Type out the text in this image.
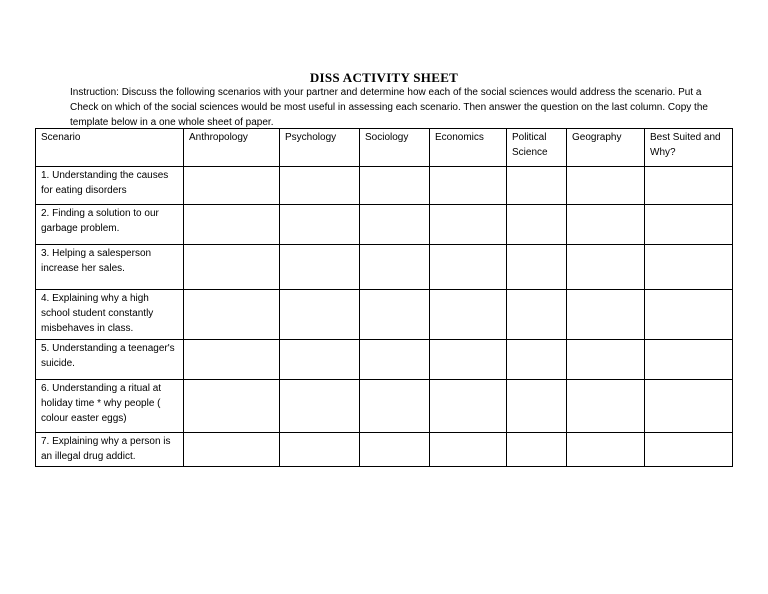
DISS ACTIVITY SHEET
Instruction: Discuss the following scenarios with your partner and determine how each of the social sciences would address the scenario. Put a Check on which of the social sciences would be most useful in assessing each scenario. Then answer the question on the last column. Copy the template below in a one whole sheet of paper.
Scenario	Anthropology	Psychology	Sociology	Economics	Political Science	Geography	Best Suited and Why?
1. Understanding the causes for eating disorders							
2. Finding a solution to our garbage problem.							
3. Helping a salesperson increase her sales.							
4. Explaining why a high school student constantly misbehaves in class.							
5. Understanding a teenager's suicide.							
6. Understanding a ritual at holiday time * why people ( colour easter eggs)							
7. Explaining why a person is an illegal drug addict.							
